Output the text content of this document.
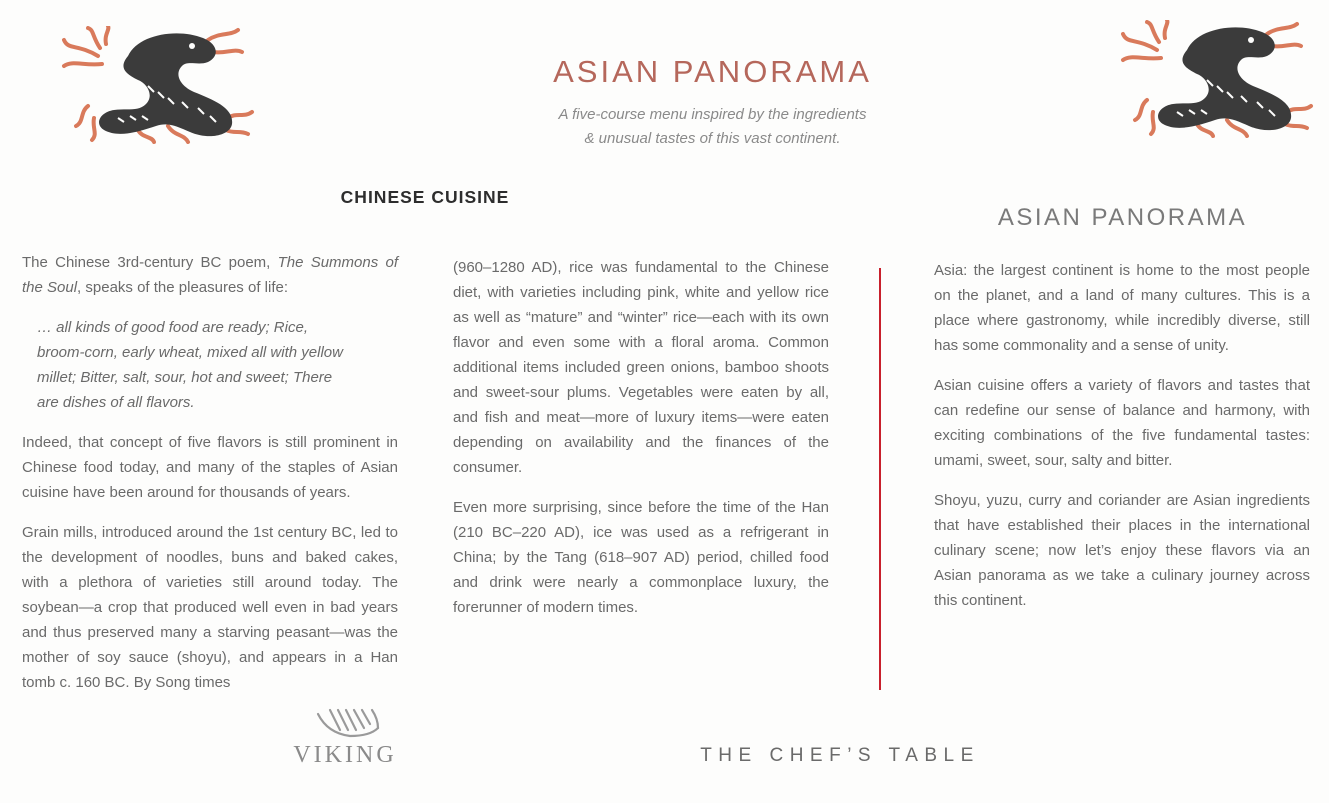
ASIAN PANORAMA
A five-course menu inspired by the ingredients
& unusual tastes of this vast continent.
CHINESE CUISINE

The Chinese 3rd-century BC poem, The Summons of the Soul, speaks of the pleasures of life:

… all kinds of good food are ready; Rice,
broom-corn, early wheat, mixed all with yellow
millet; Bitter, salt, sour, hot and sweet; There
are dishes of all flavors.

Indeed, that concept of five flavors is still prominent in Chinese food today, and many of the staples of Asian cuisine have been around for thousands of years.

Grain mills, introduced around the 1st century BC, led to the development of noodles, buns and baked cakes, with a plethora of varieties still around today. The soybean—a crop that produced well even in bad years and thus preserved many a starving peasant—was the mother of soy sauce (shoyu), and appears in a Han tomb c. 160 BC. By Song times

(960–1280 AD), rice was fundamental to the Chinese diet, with varieties including pink, white and yellow rice as well as “mature” and “winter” rice—each with its own flavor and even some with a floral aroma. Common additional items included green onions, bamboo shoots and sweet-sour plums. Vegetables were eaten by all, and fish and meat—more of luxury items—were eaten depending on availability and the finances of the consumer.

Even more surprising, since before the time of the Han (210 BC–220 AD), ice was used as a refrigerant in China; by the Tang (618–907 AD) period, chilled food and drink were nearly a commonplace luxury, the forerunner of modern times.

ASIAN PANORAMA

Asia: the largest continent is home to the most people on the planet, and a land of many cultures. This is a place where gastronomy, while incredibly diverse, still has some commonality and a sense of unity.

Asian cuisine offers a variety of flavors and tastes that can redefine our sense of balance and harmony, with exciting combinations of the five fundamental tastes: umami, sweet, sour, salty and bitter.

Shoyu, yuzu, curry and coriander are Asian ingredients that have established their places in the international culinary scene; now let’s enjoy these flavors via an Asian panorama as we take a culinary journey across this continent.

VIKING	THE CHEF’S TABLE
